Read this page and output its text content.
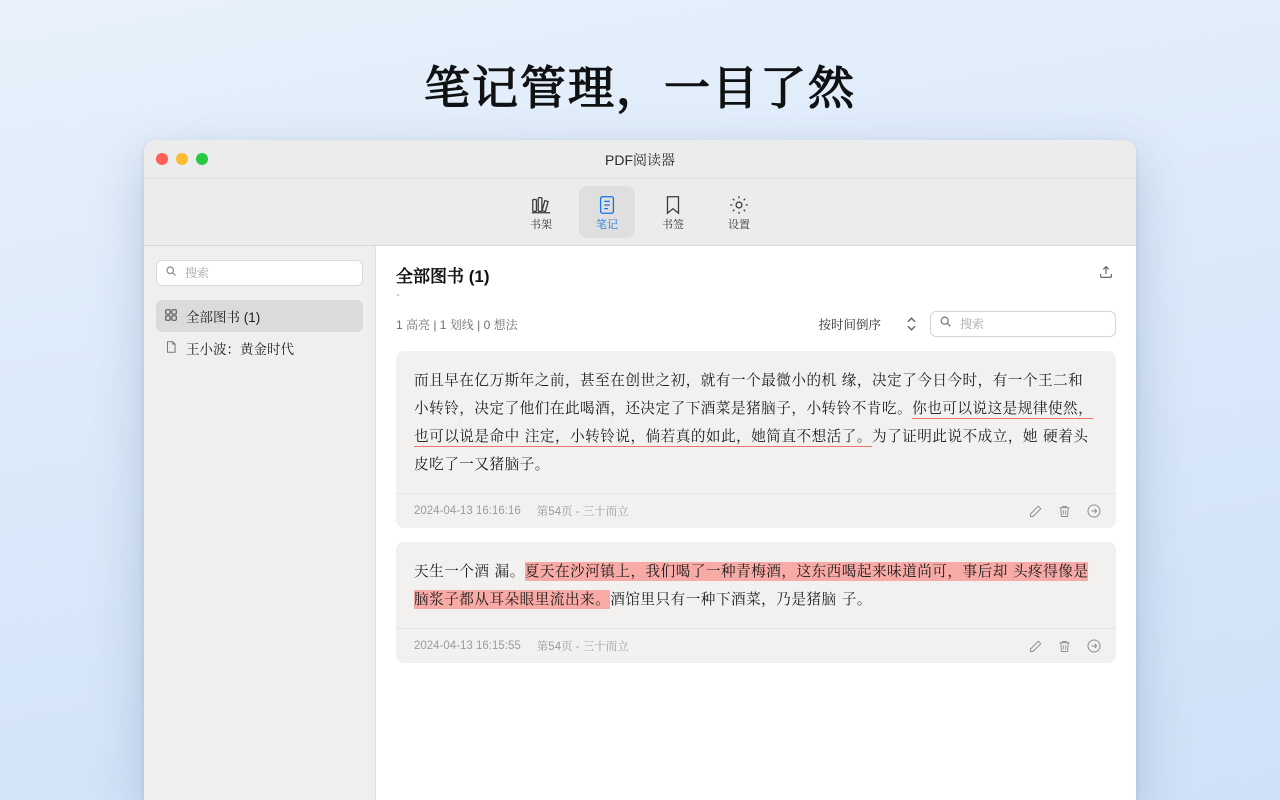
笔记管理，一目了然
PDF阅读器
书架	笔记	书签	设置
搜索
全部图书 (1)
王小波：黄金时代
全部图书 (1)
-
1 高亮 | 1 划线 | 0 想法	按时间倒序
搜索
而且早在亿万斯年之前，甚至在创世之初，就有一个最微小的机 缘，决定了今日今时，有一个王二和小转铃，决定了他们在此喝酒，还决定了下酒菜是猪脑子，小转铃不肯吃。你也可以说这是规律使然，也可以说是命中 注定，小转铃说，倘若真的如此，她简直不想活了。为了证明此说不成立，她 硬着头皮吃了一又猪脑子。
2024-04-13 16:16:16 第54页 - 三十而立
天生一个酒 漏。夏天在沙河镇上，我们喝了一种青梅酒，这东西喝起来味道尚可，事后却 头疼得像是脑浆子都从耳朵眼里流出来。酒馆里只有一种下酒菜，乃是猪脑 子。
2024-04-13 16:15:55 第54页 - 三十而立
